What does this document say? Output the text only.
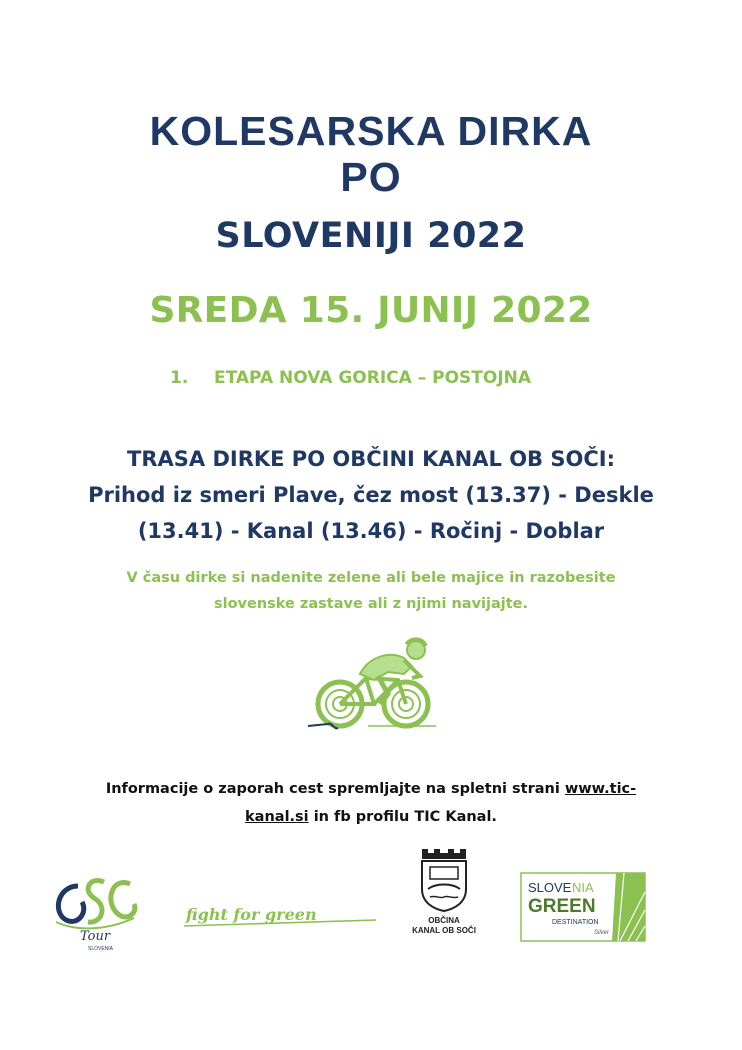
KOLESARSKA DIRKA
PO
SLOVENIJI 2022
SREDA 15. JUNIJ 2022
1. ETAPA NOVA GORICA – POSTOJNA
TRASA DIRKE PO OBČINI KANAL OB SOČI:
Prihod iz smeri Plave, čez most (13.37) - Deskle
(13.41) - Kanal (13.46) - Ročinj - Doblar
V času dirke si nadenite zelene ali bele majice in razobesite
slovenske zastave ali z njimi navijajte.
Informacije o zaporah cest spremljajte na spletni strani www.tic-
kanal.si in fb profilu TIC Kanal.
Tour
SLOVENIA
fight for green	OBČINA
KANAL OB SOČI
SLOVE NIA
GREEN
DESTINATION
Silver
